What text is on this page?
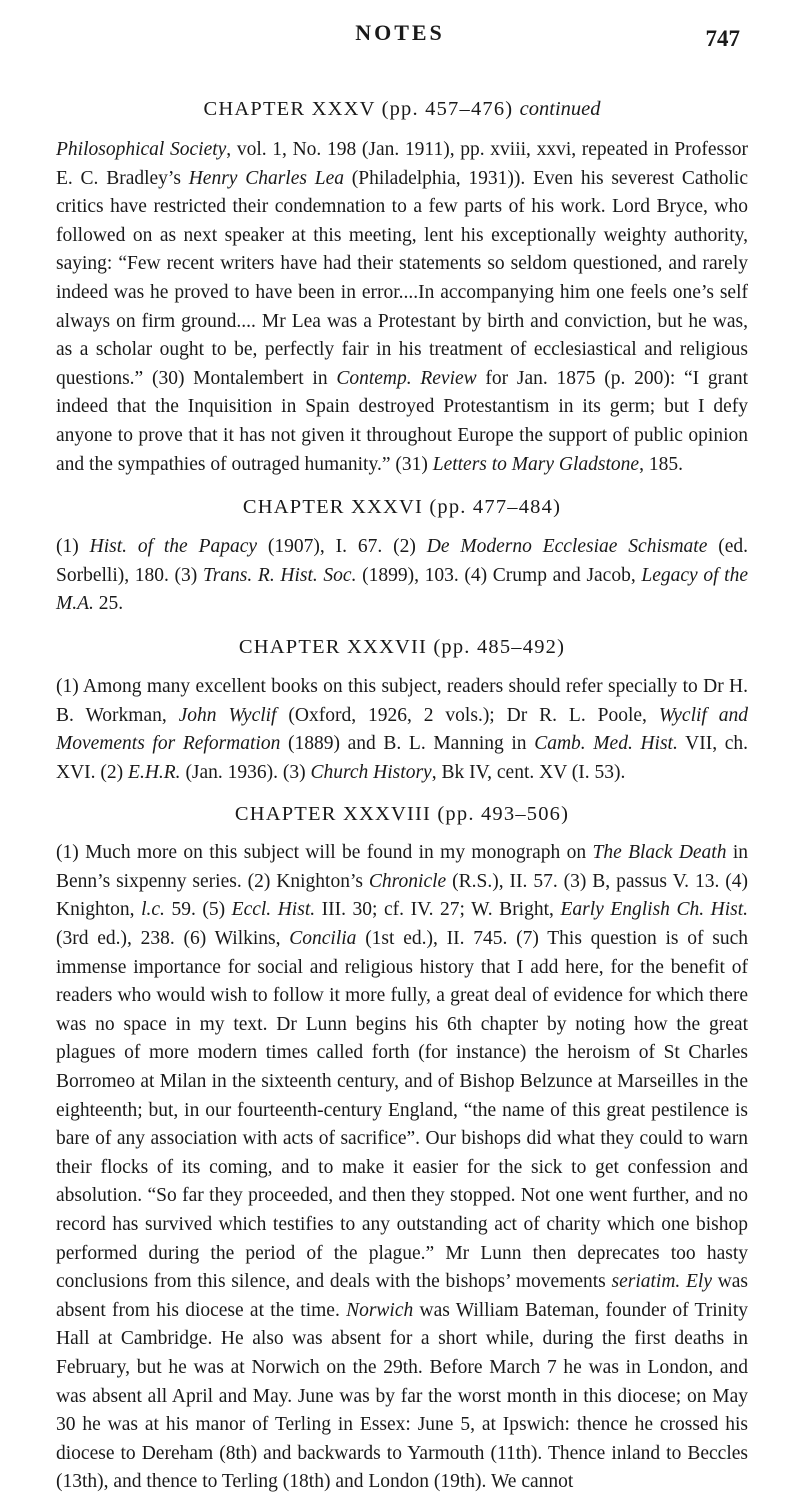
NOTES	747
CHAPTER XXXV (pp. 457–476) continued

Philosophical Society, vol. 1, No. 198 (Jan. 1911), pp. xviii, xxvi, repeated in Professor E. C. Bradley’s Henry Charles Lea (Philadelphia, 1931)). Even his severest Catholic critics have restricted their condemnation to a few parts of his work. Lord Bryce, who followed on as next speaker at this meeting, lent his exceptionally weighty authority, saying: “Few recent writers have had their statements so seldom questioned, and rarely indeed was he proved to have been in error....In accompanying him one feels one’s self always on firm ground.... Mr Lea was a Protestant by birth and conviction, but he was, as a scholar ought to be, perfectly fair in his treatment of ecclesiastical and religious questions.” (30) Montalembert in Contemp. Review for Jan. 1875 (p. 200): “I grant indeed that the Inquisition in Spain destroyed Protestantism in its germ; but I defy anyone to prove that it has not given it throughout Europe the support of public opinion and the sympathies of outraged humanity.” (31) Letters to Mary Gladstone, 185.

CHAPTER XXXVI (pp. 477–484)

(1) Hist. of the Papacy (1907), I. 67. (2) De Moderno Ecclesiae Schismate (ed. Sorbelli), 180. (3) Trans. R. Hist. Soc. (1899), 103. (4) Crump and Jacob, Legacy of the M.A. 25.

CHAPTER XXXVII (pp. 485–492)

(1) Among many excellent books on this subject, readers should refer specially to Dr H. B. Workman, John Wyclif (Oxford, 1926, 2 vols.); Dr R. L. Poole, Wyclif and Movements for Reformation (1889) and B. L. Manning in Camb. Med. Hist. VII, ch. XVI. (2) E.H.R. (Jan. 1936). (3) Church History, Bk IV, cent. XV (I. 53).

CHAPTER XXXVIII (pp. 493–506)

(1) Much more on this subject will be found in my monograph on The Black Death in Benn’s sixpenny series. (2) Knighton’s Chronicle (R.S.), II. 57. (3) B, passus V. 13. (4) Knighton, l.c. 59. (5) Eccl. Hist. III. 30; cf. IV. 27; W. Bright, Early English Ch. Hist. (3rd ed.), 238. (6) Wilkins, Concilia (1st ed.), II. 745. (7) This question is of such immense importance for social and religious history that I add here, for the benefit of readers who would wish to follow it more fully, a great deal of evidence for which there was no space in my text. Dr Lunn begins his 6th chapter by noting how the great plagues of more modern times called forth (for instance) the heroism of St Charles Borromeo at Milan in the sixteenth century, and of Bishop Belzunce at Marseilles in the eighteenth; but, in our fourteenth-century England, “the name of this great pestilence is bare of any association with acts of sacrifice”. Our bishops did what they could to warn their flocks of its coming, and to make it easier for the sick to get confession and absolution. “So far they proceeded, and then they stopped. Not one went further, and no record has survived which testifies to any outstanding act of charity which one bishop performed during the period of the plague.” Mr Lunn then deprecates too hasty conclusions from this silence, and deals with the bishops’ movements seriatim. Ely was absent from his diocese at the time. Norwich was William Bateman, founder of Trinity Hall at Cambridge. He also was absent for a short while, during the first deaths in February, but he was at Norwich on the 29th. Before March 7 he was in London, and was absent all April and May. June was by far the worst month in this diocese; on May 30 he was at his manor of Terling in Essex: June 5, at Ipswich: thence he crossed his diocese to Dereham (8th) and backwards to Yarmouth (11th). Thence inland to Beccles (13th), and thence to Terling (18th) and London (19th). We cannot
